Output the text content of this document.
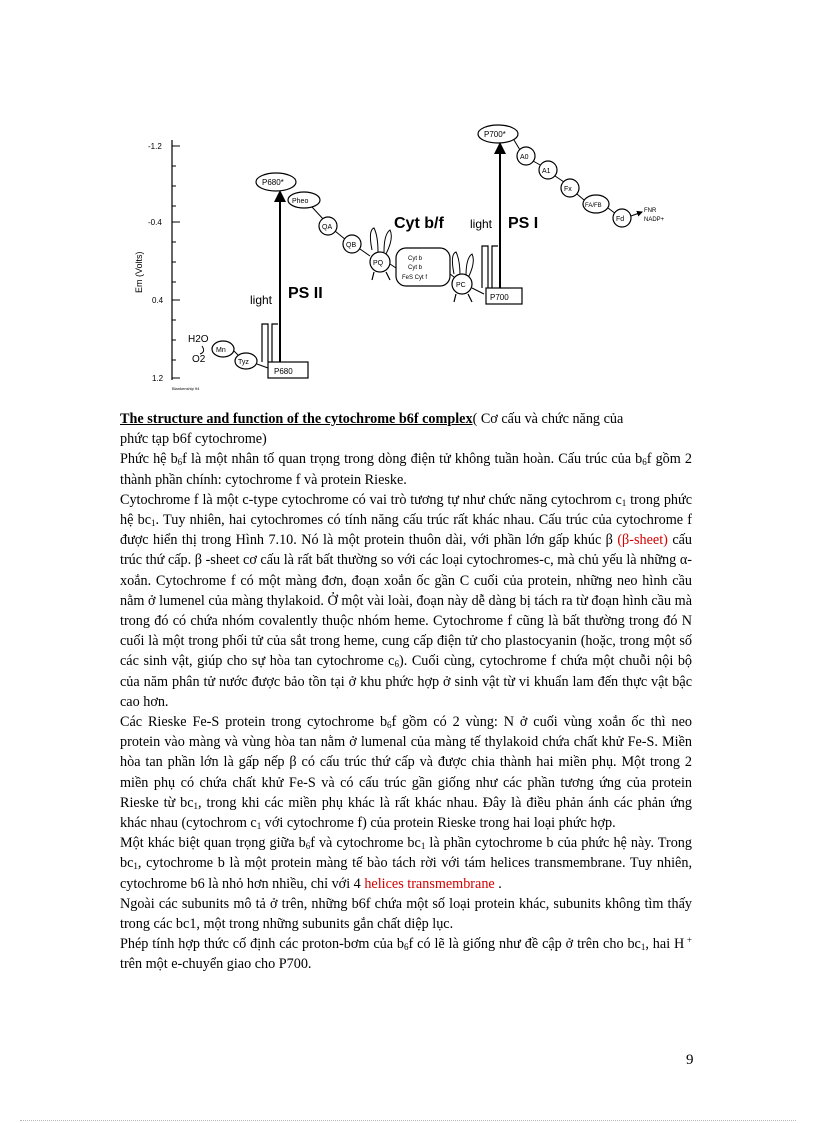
-1.2
-0.4
0.4
1.2
Em (Volts)
H2O
O2
Mn
Tyz
P680
light PS II
P680*
Pheo
QA
QB
PQ
Cyt b/f
Cyt b
Cyt b
FeS Cyt f
PC
P700
light PS I
P700*
A0
A1
Fx
FA/FB
Fd
FNR
NADP+
Blankenship 94

The structure and function of the cytochrome b6f complex( Cơ cấu và chức năng của
phức tạp b6f cytochrome)

Phức hệ $b_6f$ là một nhân tố quan trọng trong dòng điện tử không tuần hoàn. Cấu trúc của $b_6f$ gồm 2 thành phần chính: cytochrome f và protein Rieske.

Cytochrome f là một c-type cytochrome có vai trò tương tự như chức năng cytochrom $c_1$ trong phức hệ $bc_1$. Tuy nhiên, hai cytochromes có tính năng cấu trúc rất khác nhau. Cấu trúc của cytochrome f được hiển thị trong Hình 7.10. Nó là một protein thuôn dài, với phần lớn gấp khúc β (β-sheet) cấu trúc thứ cấp. β -sheet cơ cấu là rất bất thường so với các loại cytochromes-c, mà chủ yếu là những α- xoắn. Cytochrome f có một màng đơn, đoạn xoắn ốc gần C cuối của protein, những neo hình cầu nằm ở lumenel của màng thylakoid. Ở một vài loài, đoạn này dễ dàng bị tách ra từ đoạn hình cầu mà trong đó có chứa nhóm covalently thuộc nhóm heme. Cytochrome f cũng là bất thường trong đó N cuối là một trong phối tử của sắt trong heme, cung cấp điện tử cho plastocyanin (hoặc, trong một số các sinh vật, giúp cho sự hòa tan cytochrome $c_6$). Cuối cùng, cytochrome f chứa một chuỗi nội bộ của năm phân tử nước được bảo tồn tại ở khu phức hợp ở sinh vật từ vi khuẩn lam đến thực vật bậc cao hơn.

Các Rieske Fe-S protein trong cytochrome $b_6f$ gồm có 2 vùng: N ở cuối vùng xoắn ốc thì neo protein vào màng và vùng hòa tan nằm ở lumenal của màng tế thylakoid chứa chất khử Fe-S. Miền hòa tan phần lớn là gấp nếp β có cấu trúc thứ cấp và được chia thành hai miền phụ. Một trong 2 miền phụ có chứa chất khử Fe-S và có cấu trúc gần giống như các phần tương ứng của protein Rieske từ $bc_1$, trong khi các miền phụ khác là rất khác nhau. Đây là điều phản ánh các phản ứng khác nhau (cytochrom $c_1$ với cytochrome f) của protein Rieske trong hai loại phức hợp.

Một khác biệt quan trọng giữa $b_6f$ và cytochrome $bc_1$ là phần cytochrome b của phức hệ này. Trong $bc_1$, cytochrome b là một protein màng tế bào tách rời với tám helices transmembrane. Tuy nhiên, cytochrome b6 là nhỏ hơn nhiều, chỉ với 4 helices transmembrane .

Ngoài các subunits mô tả ở trên, những b6f chứa một số loại protein khác, subunits không tìm thấy trong các bc1, một trong những subunits gắn chất diệp lục.

Phép tính hợp thức cố định các proton-bơm của $b_6f$ có lẽ là giống như đề cập ở trên cho $bc_1$, hai H + trên một e-chuyển giao cho P700.

9
